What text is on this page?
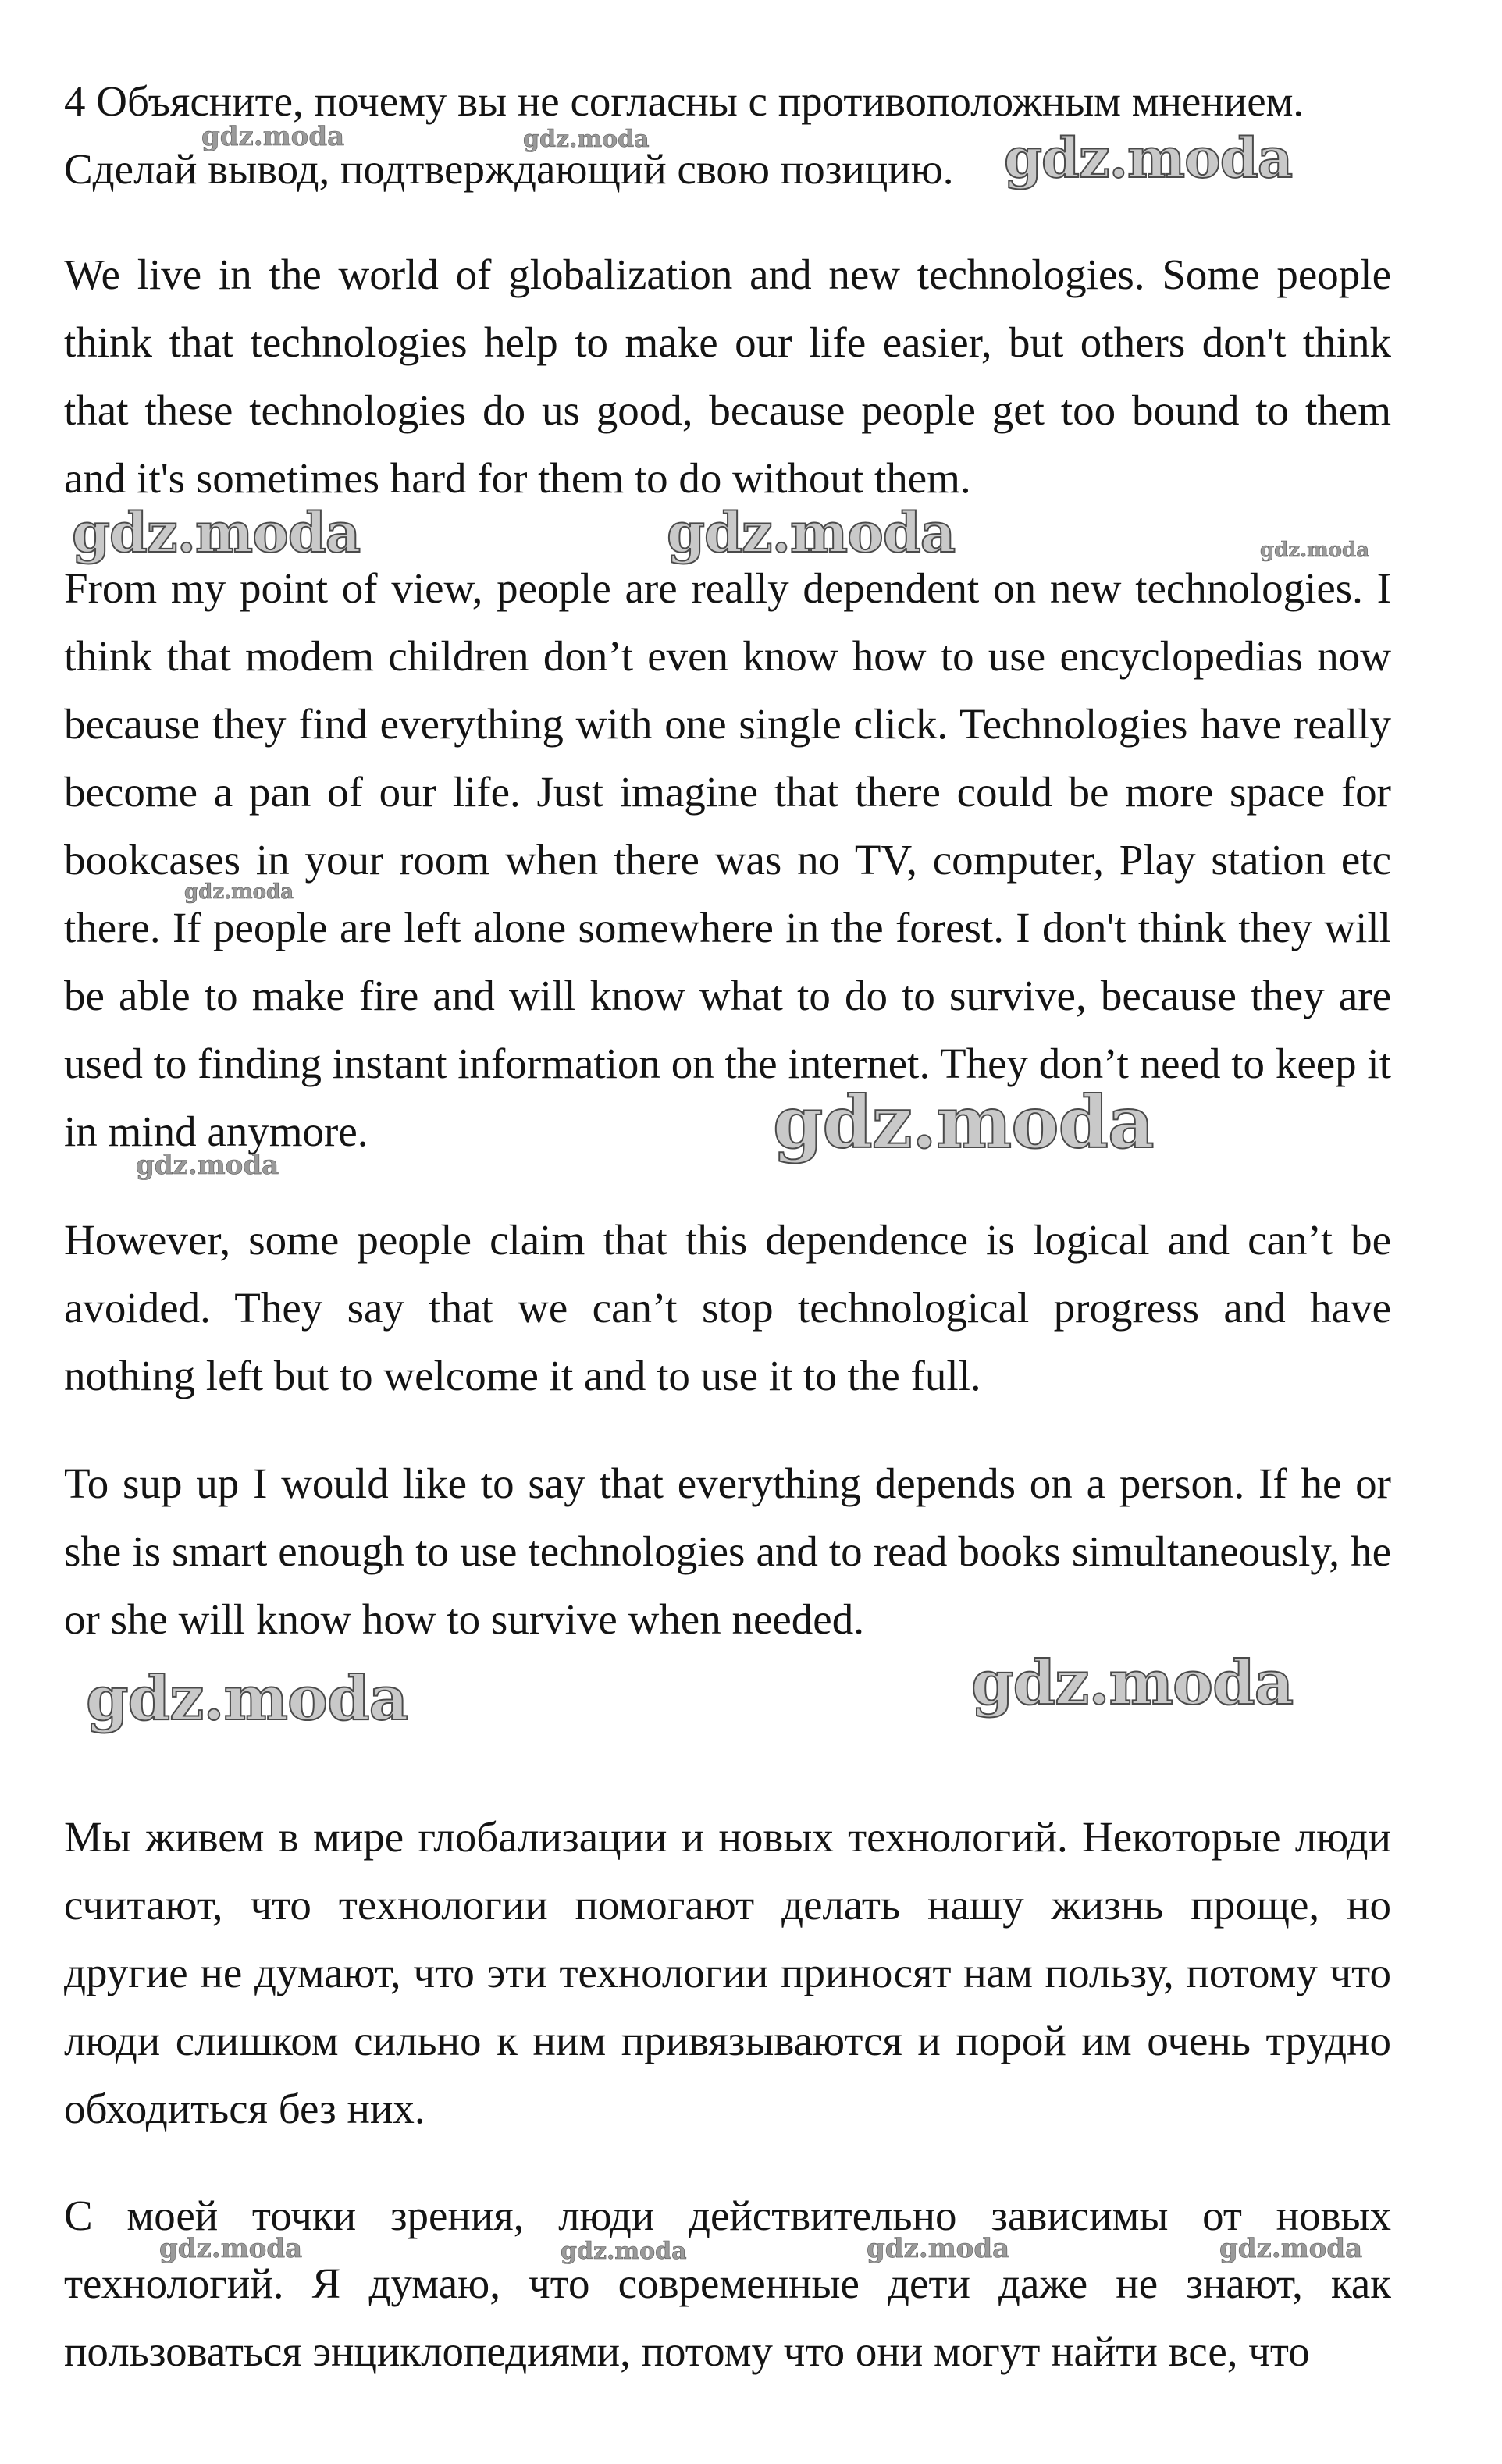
4 Объясните, почему вы не согласны с противоположным мнением.
Сделай вывод, подтверждающий свою позицию.

We live in the world of globalization and new technologies. Some people think that technologies help to make our life easier, but others don't think that these technologies do us good, because people get too bound to them and it's sometimes hard for them to do without them.

From my point of view, people are really dependent on new technologies. I think that modem children don’t even know how to use encyclopedias now because they find everything with one single click. Technologies have really become a pan of our life. Just imagine that there could be more space for bookcases in your room when there was no TV, computer, Play station etc there. If people are left alone somewhere in the forest. I don't think they will be able to make fire and will know what to do to survive, because they are used to finding instant information on the internet. They don’t need to keep it in mind anymore.

However, some people claim that this dependence is logical and can’t be avoided. They say that we can’t stop technological progress and have nothing left but to welcome it and to use it to the full.

To sup up I would like to say that everything depends on a person. If he or she is smart enough to use technologies and to read books simultaneously, he or she will know how to survive when needed.

Мы живем в мире глобализации и новых технологий. Некоторые люди считают, что технологии помогают делать нашу жизнь проще, но другие не думают, что эти технологии приносят нам пользу, потому что люди слишком сильно к ним привязываются и порой им очень трудно обходиться без них.

С моей точки зрения, люди действительно зависимы от новых технологий. Я думаю, что современные дети даже не знают, как пользоваться энциклопедиями, потому что они могут найти все, что

gdz.moda	gdz.moda	gdz.moda
gdz.moda	gdz.moda	gdz.moda
gdz.moda
gdz.moda
gdz.moda
gdz.moda	gdz.moda
gdz.moda	gdz.moda	gdz.moda	gdz.moda
